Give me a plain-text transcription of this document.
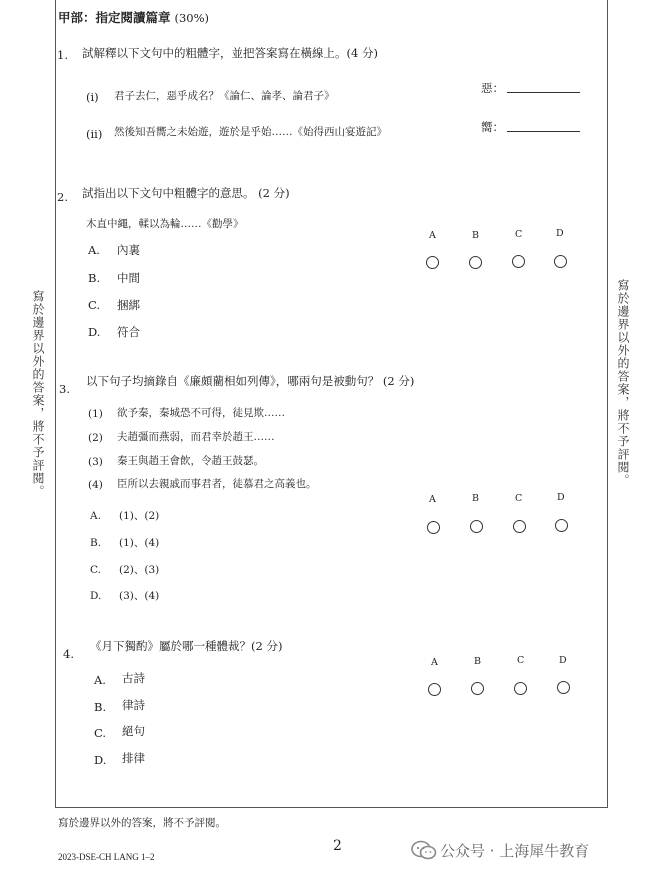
甲部：指定閱讀篇章 (30%)
1. 試解釋以下文句中的粗體字，並把答案寫在橫線上。(4 分)
(i) 君子去仁，惡乎成名？《論仁、論孝、論君子》
惡：
(ii) 然後知吾嚮之未始遊，遊於是乎始……《始得西山宴遊記》	嚮：
2. 試指出以下文句中粗體字的意思。 (2 分)
木直中繩，輮以為輪……《勸學》
A. 內裏
B. 中間
C. 捆綁
D. 符合
A	B	C	D
3.
以下句子均摘錄自《廉頗藺相如列傳》，哪兩句是被動句？ (2 分)
(1) 欲予秦，秦城恐不可得，徒見欺……
(2) 夫趙彊而燕弱，而君幸於趙王……
(3) 秦王與趙王會飲，令趙王鼓瑟。
(4) 臣所以去親戚而事君者，徒慕君之高義也。
A. (1)、(2)
B. (1)、(4)
C. (2)、(3)
D. (3)、(4)
A	B	C	D
4.
《月下獨酌》屬於哪一種體裁？(2 分)
A. 古詩
B. 律詩
C. 絕句
D. 排律
A	B	C	D
寫於邊界以外的答案，將不予評閱。	寫於邊界以外的答案，將不予評閱。
寫於邊界以外的答案，將不予評閱。
2
2023-DSE-CH LANG 1–2	公众号 · 上海犀牛教育
